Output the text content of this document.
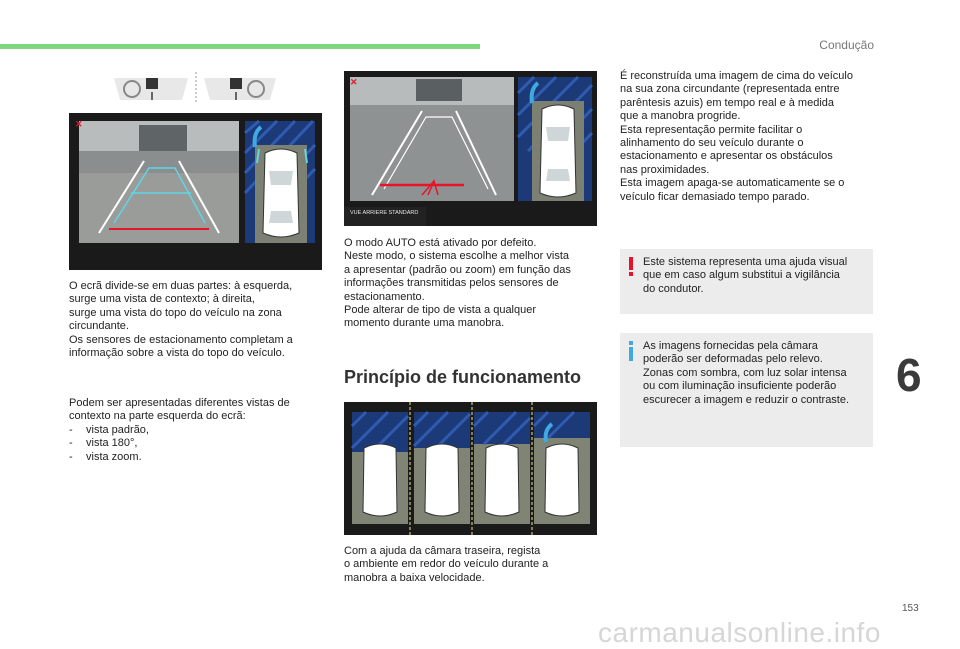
Condução
6
153
carmanualsonline.info
✕
✕
VUE ARRIERE STANDARD

O ecrã divide-se em duas partes: à esquerda,

surge uma vista de contexto; à direita,

surge uma vista do topo do veículo na zona

circundante.

Os sensores de estacionamento completam a

informação sobre a vista do topo do veículo.

Podem ser apresentadas diferentes vistas de

contexto na parte esquerda do ecrã:

- vista padrão,
- vista 180°,
- vista zoom.

O modo AUTO está ativado por defeito.

Neste modo, o sistema escolhe a melhor vista

a apresentar (padrão ou zoom) em função das

informações transmitidas pelos sensores de

estacionamento.

Pode alterar de tipo de vista a qualquer

momento durante uma manobra.

Princípio de funcionamento

Com a ajuda da câmara traseira, regista

o ambiente em redor do veículo durante a

manobra a baixa velocidade.

É reconstruída uma imagem de cima do veículo

na sua zona circundante (representada entre

parêntesis azuis) em tempo real e à medida

que a manobra progride.

Esta representação permite facilitar o

alinhamento do seu veículo durante o

estacionamento e apresentar os obstáculos

nas proximidades.

Esta imagem apaga-se automaticamente se o

veículo ficar demasiado tempo parado.

Este sistema representa uma ajuda visual

que em caso algum substitui a vigilância

do condutor.

As imagens fornecidas pela câmara

poderão ser deformadas pelo relevo.

Zonas com sombra, com luz solar intensa

ou com iluminação insuficiente poderão

escurecer a imagem e reduzir o contraste.
